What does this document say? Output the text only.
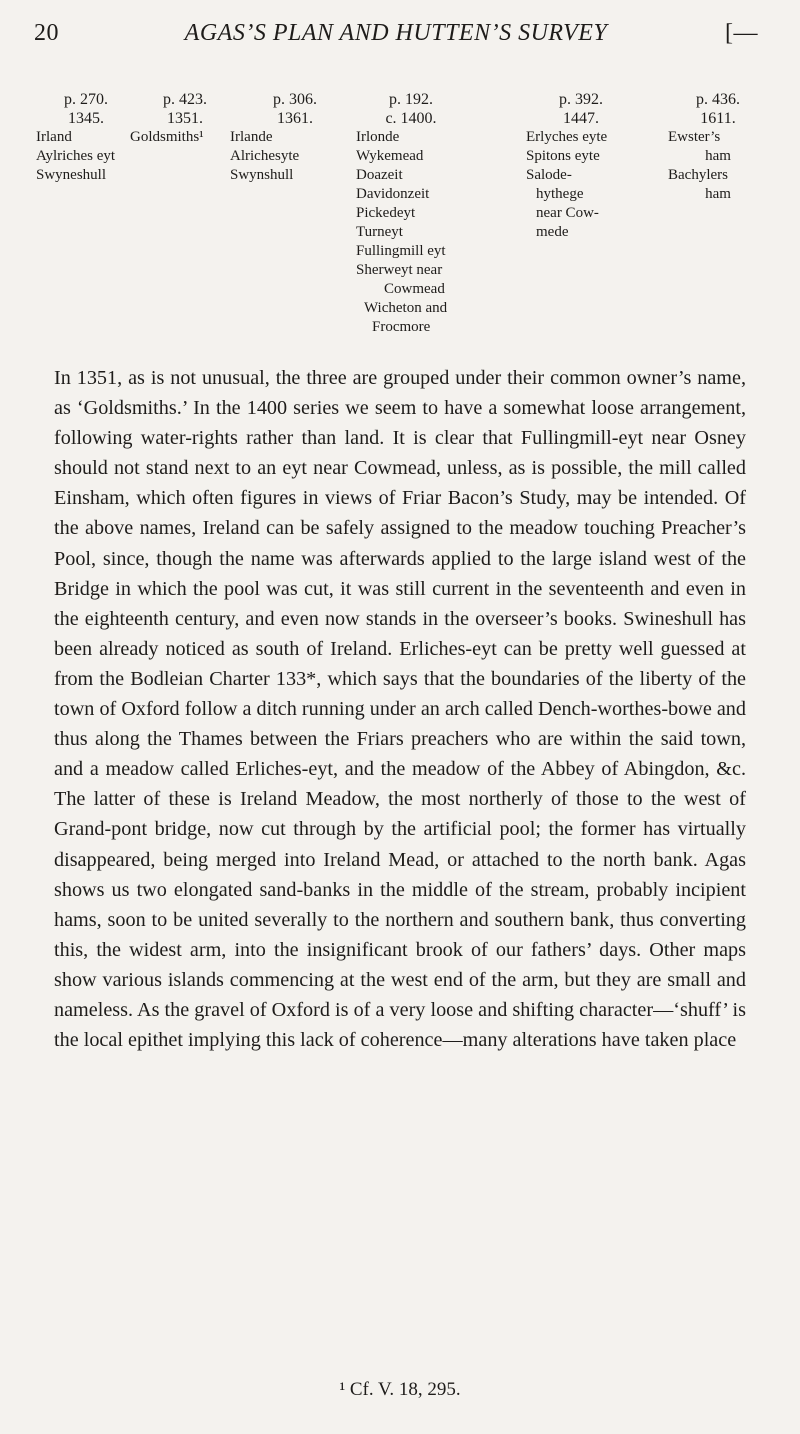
20	AGAS’S PLAN AND HUTTEN’S SURVEY	[—
p. 270.
1345.
Irland
Aylriches eyt
Swyneshull
p. 423.
1351.
Goldsmiths¹
p. 306.
1361.
Irlande
Alrichesyte
Swynshull
p. 192.
c. 1400.
Irlonde
Wykemead
Doazeit
Davidonzeit
Pickedeyt
Turneyt
Fullingmill eyt
Sherweyt near
Cowmead
Wicheton and
Frocmore
p. 392.
1447.
Erlyches eyte
Spitons eyte
Salode-
hythege
near Cow-
mede
p. 436.
1611.
Ewster’s
ham
Bachylers
ham

In 1351, as is not unusual, the three are grouped under their common owner’s name, as ‘Goldsmiths.’ In the 1400 series we seem to have a somewhat loose arrangement, following water-rights rather than land. It is clear that Fullingmill-eyt near Osney should not stand next to an eyt near Cowmead, unless, as is possible, the mill called Einsham, which often figures in views of Friar Bacon’s Study, may be intended. Of the above names, Ireland can be safely assigned to the meadow touching Preacher’s Pool, since, though the name was afterwards applied to the large island west of the Bridge in which the pool was cut, it was still current in the seventeenth and even in the eighteenth century, and even now stands in the overseer’s books. Swineshull has been already noticed as south of Ireland. Erliches-eyt can be pretty well guessed at from the Bodleian Charter 133*, which says that the boundaries of the liberty of the town of Oxford follow a ditch running under an arch called Dench-worthes-bowe and thus along the Thames between the Friars preachers who are within the said town, and a meadow called Erliches-eyt, and the meadow of the Abbey of Abingdon, &c. The latter of these is Ireland Meadow, the most northerly of those to the west of Grand-pont bridge, now cut through by the artificial pool; the former has virtually disappeared, being merged into Ireland Mead, or attached to the north bank. Agas shows us two elongated sand-banks in the middle of the stream, probably incipient hams, soon to be united severally to the northern and southern bank, thus converting this, the widest arm, into the insignificant brook of our fathers’ days. Other maps show various islands commencing at the west end of the arm, but they are small and nameless. As the gravel of Oxford is of a very loose and shifting character—‘shuff’ is the local epithet implying this lack of coherence—many alterations have taken place

¹ Cf. V. 18, 295.
